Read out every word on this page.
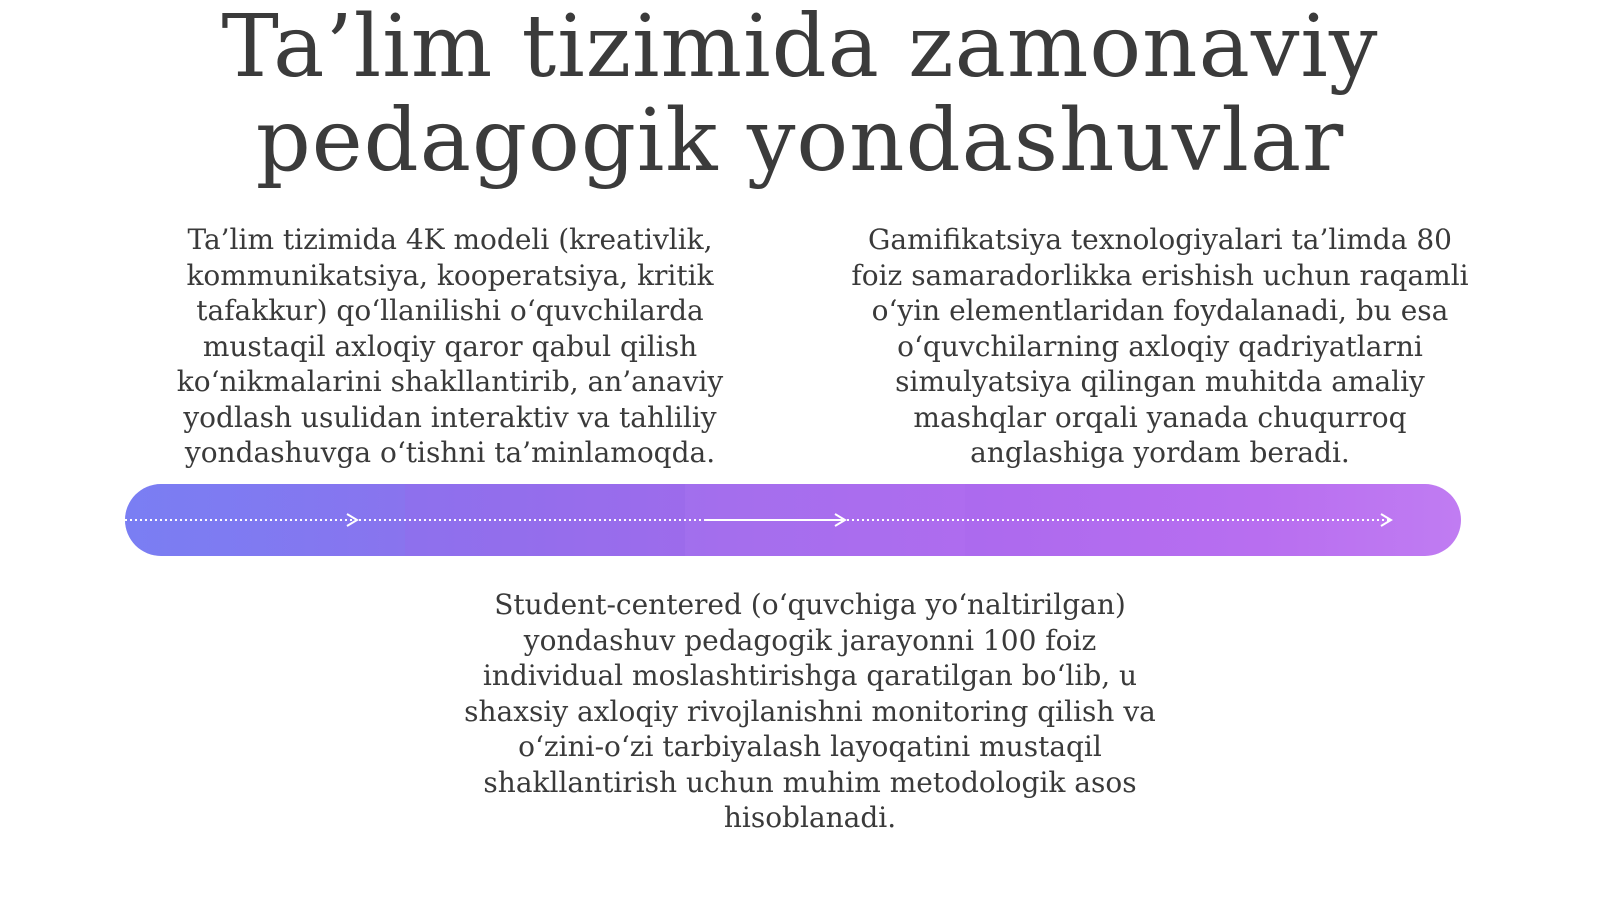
Ta’lim tizimida zamonaviy
pedagogik yondashuvlar

Ta’lim tizimida 4K modeli (kreativlik,
kommunikatsiya, kooperatsiya, kritik
tafakkur) qo‘llanilishi o‘quvchilarda
mustaqil axloqiy qaror qabul qilish
ko‘nikmalarini shakllantirib, an’anaviy
yodlash usulidan interaktiv va tahliliy
yondashuvga o‘tishni ta’minlamoqda.

Gamifikatsiya texnologiyalari ta’limda 80
foiz samaradorlikka erishish uchun raqamli
o‘yin elementlaridan foydalanadi, bu esa
o‘quvchilarning axloqiy qadriyatlarni
simulyatsiya qilingan muhitda amaliy
mashqlar orqali yanada chuqurroq
anglashiga yordam beradi.

Student-centered (o‘quvchiga yo‘naltirilgan)
yondashuv pedagogik jarayonni 100 foiz
individual moslashtirishga qaratilgan bo‘lib, u
shaxsiy axloqiy rivojlanishni monitoring qilish va
o‘zini-o‘zi tarbiyalash layoqatini mustaqil
shakllantirish uchun muhim metodologik asos
hisoblanadi.
